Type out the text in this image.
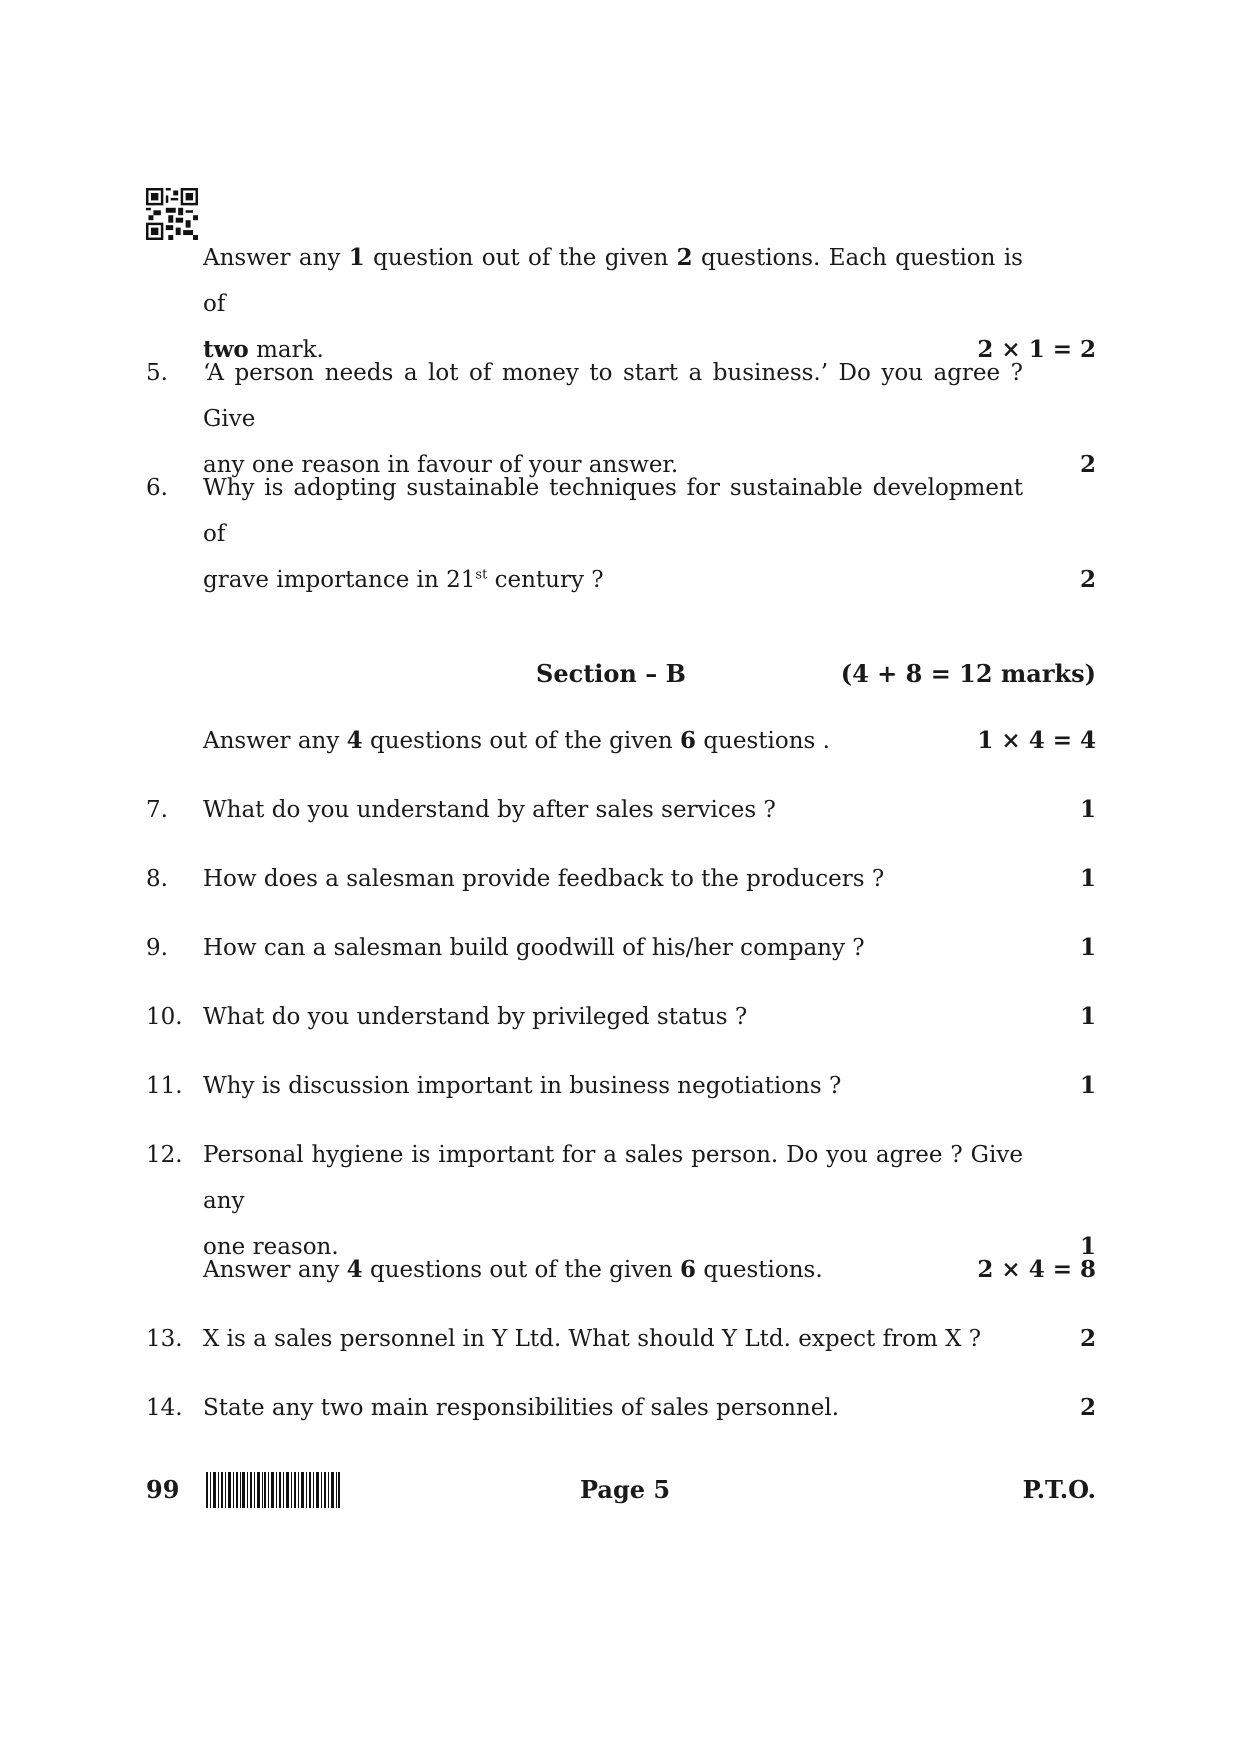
Answer any 1 question out of the given 2 questions. Each question is of
two mark.	2 × 1 = 2
5.	‘A person needs a lot of money to start a business.’ Do you agree ? Give
any one reason in favour of your answer.	2
6.	Why is adopting sustainable techniques for sustainable development of
grave importance in 21st century ?	2
Section – B	(4 + 8 = 12 marks)
Answer any 4 questions out of the given 6 questions .	1 × 4 = 4
7.	What do you understand by after sales services ?	1
8.	How does a salesman provide feedback to the producers ?	1
9.	How can a salesman build goodwill of his/her company ?	1
10. What do you understand by privileged status ?	1
11. Why is discussion important in business negotiations ?	1
12. Personal hygiene is important for a sales person. Do you agree ? Give any
one reason.	1
Answer any 4 questions out of the given 6 questions.	2 × 4 = 8
13. X is a sales personnel in Y Ltd. What should Y Ltd. expect from X ?	2
14. State any two main responsibilities of sales personnel.	2
99	Page 5	P.T.O.
